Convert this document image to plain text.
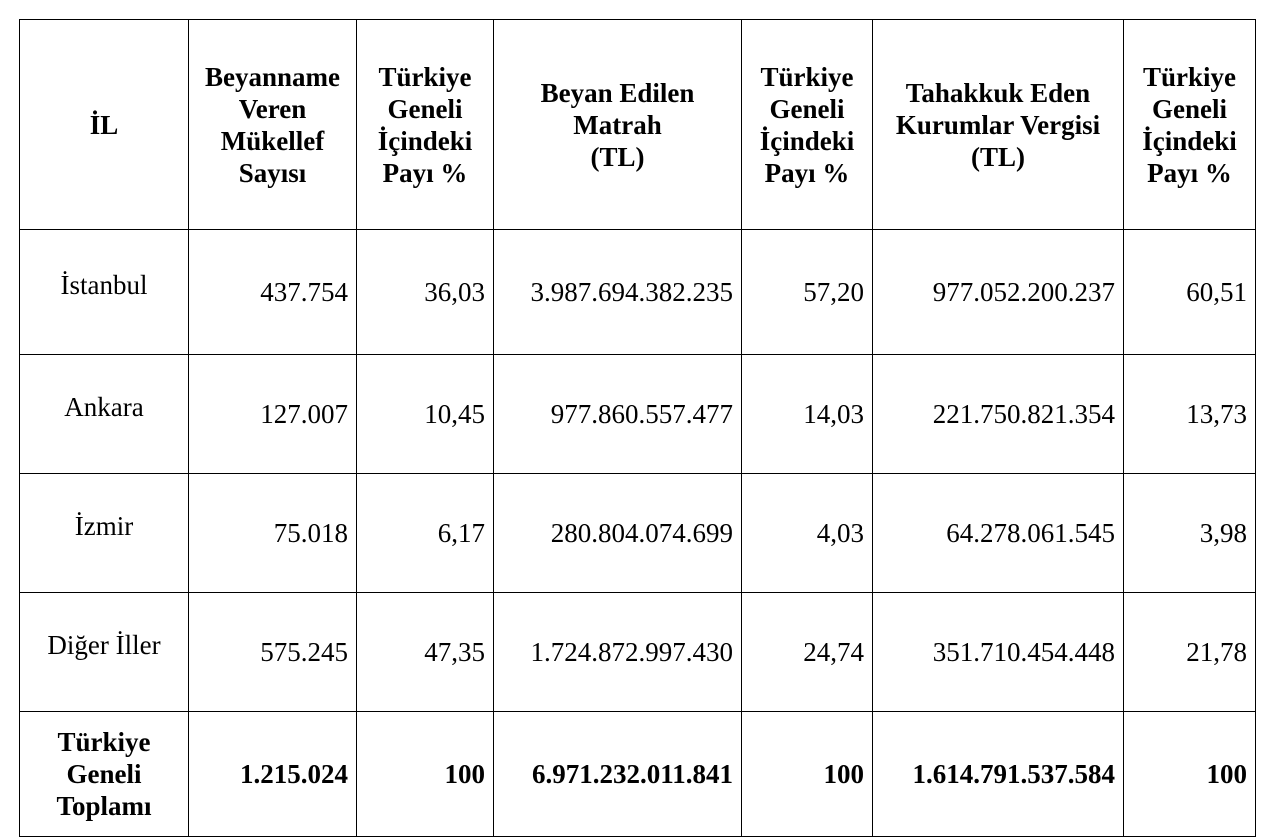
İL	Beyanname
Veren
Mükellef
Sayısı	Türkiye
Geneli
İçindeki
Payı %	Beyan Edilen
Matrah
(TL)	Türkiye
Geneli
İçindeki
Payı %	Tahakkuk Eden
Kurumlar Vergisi
(TL)	Türkiye
Geneli
İçindeki
Payı %

İstanbul	437.754	36,03	3.987.694.382.235	57,20	977.052.200.237	60,51
Ankara	127.007	10,45	977.860.557.477	14,03	221.750.821.354	13,73
İzmir	75.018	6,17	280.804.074.699	4,03	64.278.061.545	3,98
Diğer İller	575.245	47,35	1.724.872.997.430	24,74	351.710.454.448	21,78

Türkiye
Geneli
Toplamı	1.215.024	100	6.971.232.011.841	100	1.614.791.537.584	100
